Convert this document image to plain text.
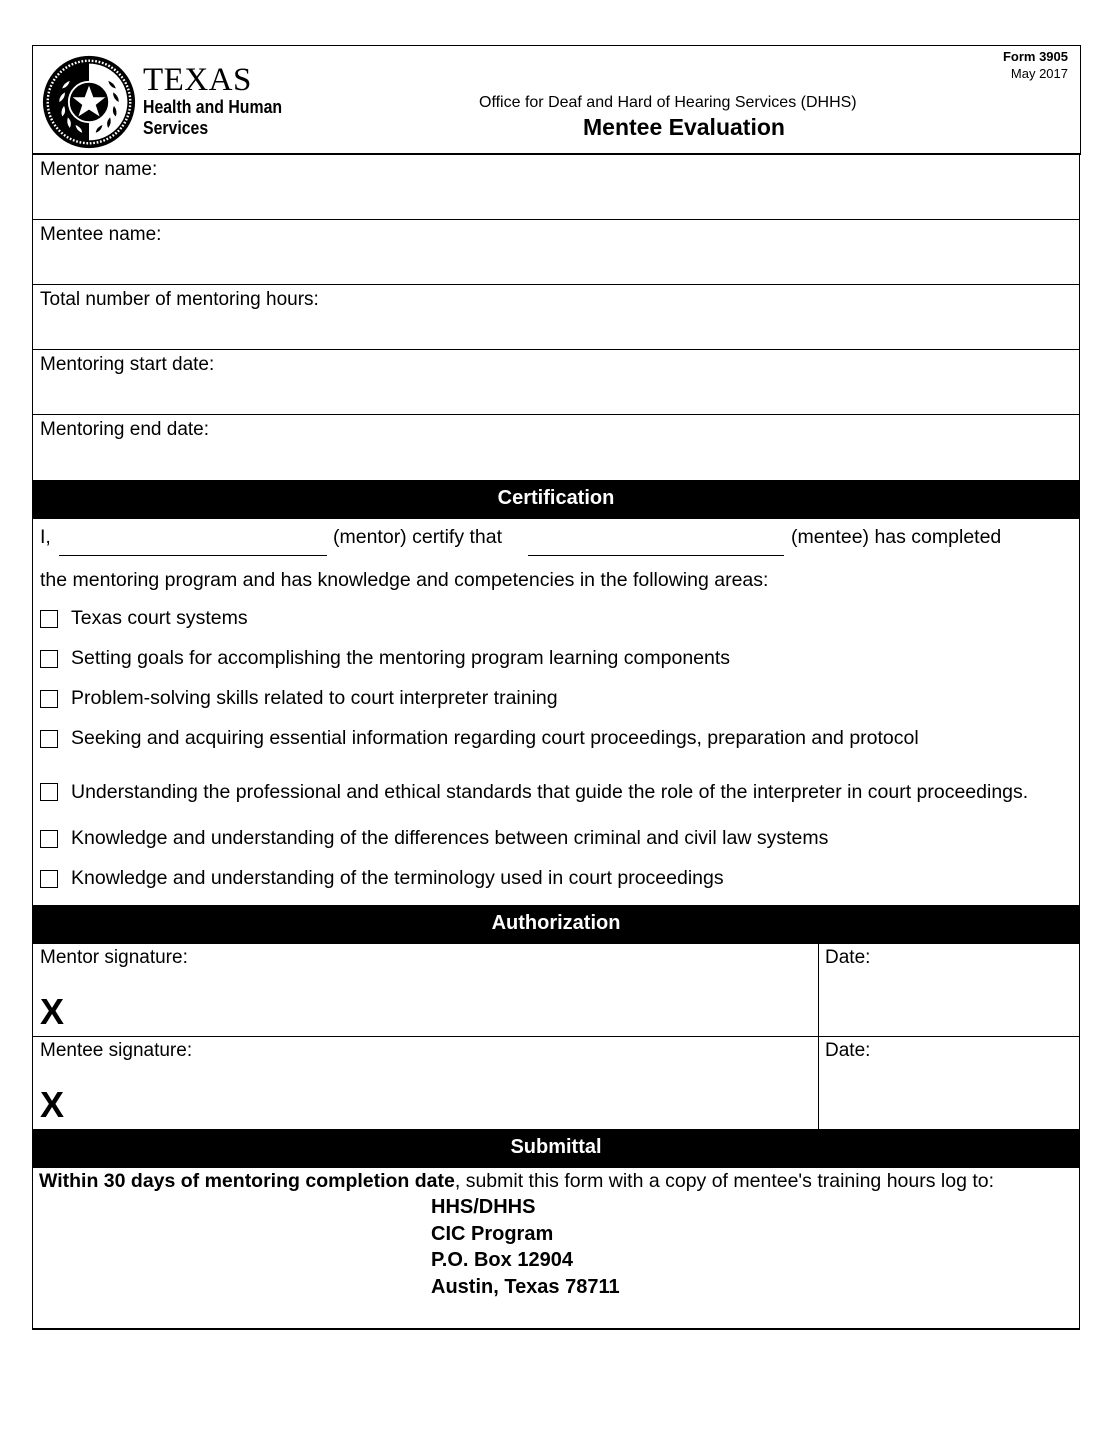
TEXAS
Health and Human
Services
Form 3905
May 2017
Office for Deaf and Hard of Hearing Services (DHHS)
Mentee Evaluation
Mentor name:
Mentee name:
Total number of mentoring hours:
Mentoring start date:
Mentoring end date:
Certification
I,	(mentor) certify that	(mentee) has completed
the mentoring program and has knowledge and competencies in the following areas:
Texas court systems
Setting goals for accomplishing the mentoring program learning components
Problem-solving skills related to court interpreter training
Seeking and acquiring essential information regarding court proceedings, preparation and protocol
Understanding the professional and ethical standards that guide the role of the interpreter in court proceedings.
Knowledge and understanding of the differences between criminal and civil law systems
Knowledge and understanding of the terminology used in court proceedings
Authorization
Mentor signature:
X
Date:
Mentee signature:
X
Date:
Submittal

Within 30 days of mentoring completion date, submit this form with a copy of mentee's training hours log to:

HHS/DHHS
CIC Program
P.O. Box 12904
Austin, Texas 78711
